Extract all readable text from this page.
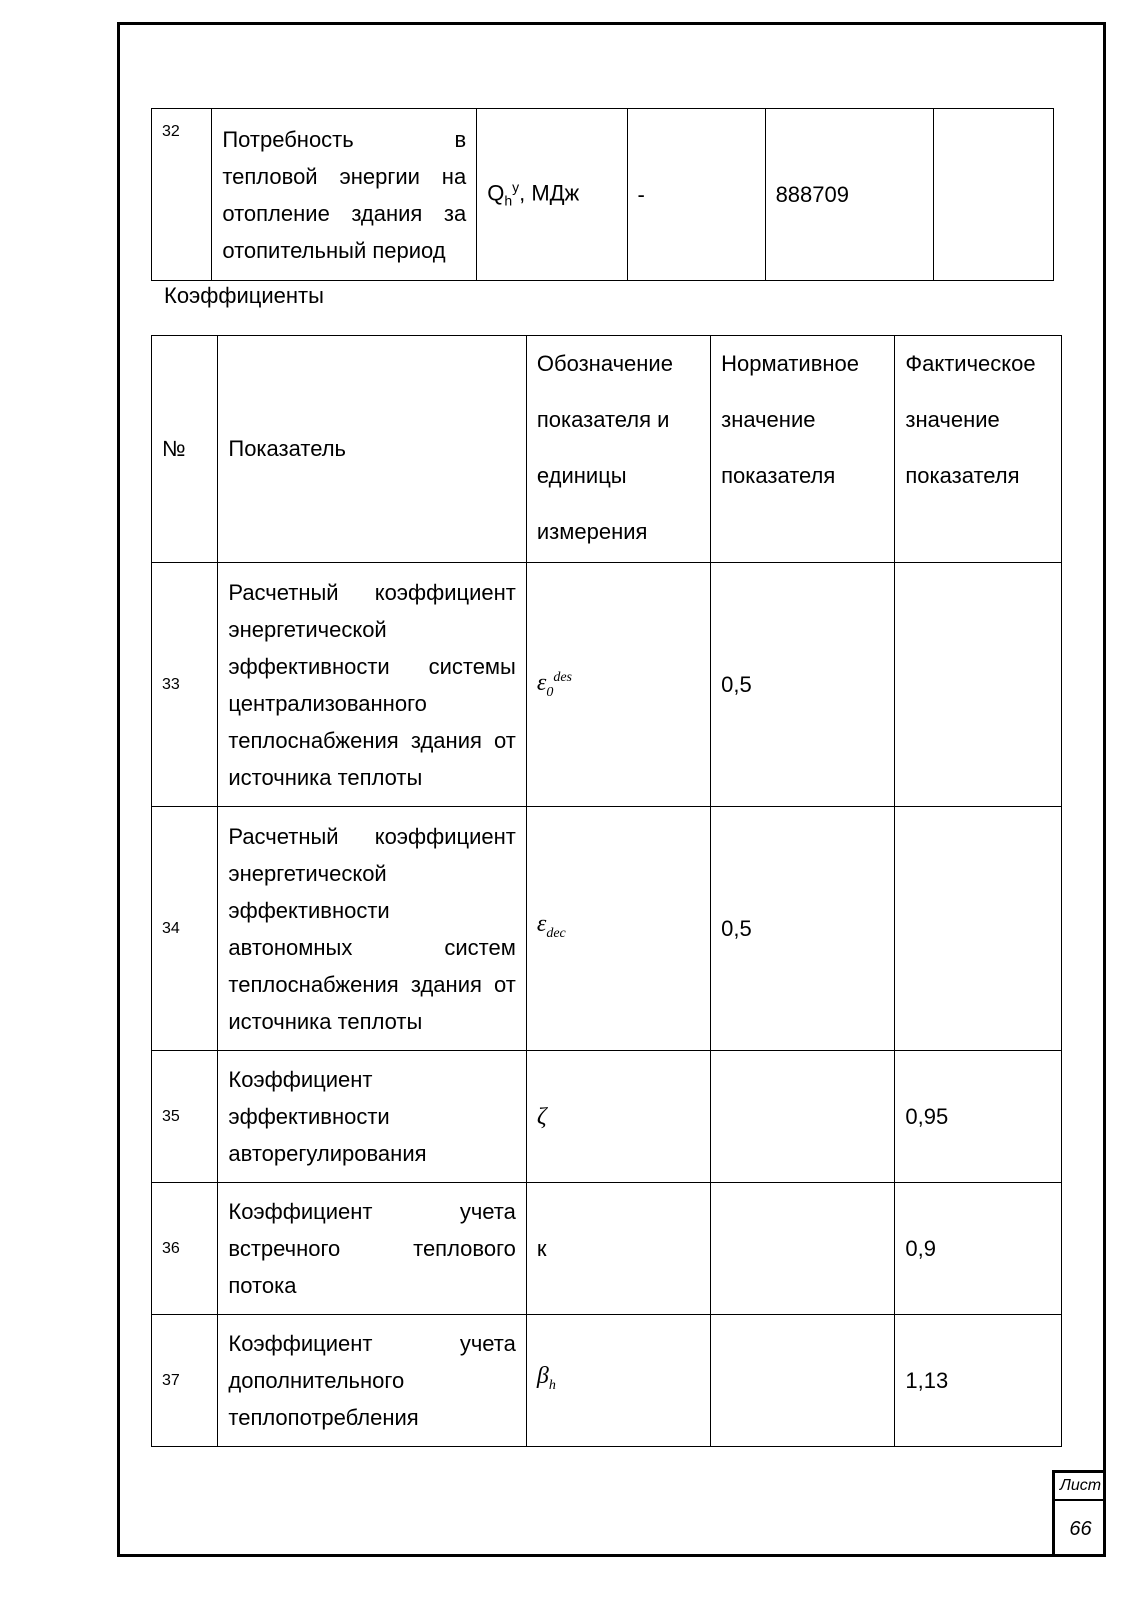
32	Потребность в тепловой энергии на отопление здания за отопительный период	$Q_h^y$, МДж	-	888709	
Коэффициенты
№	Показатель	Обозначение показателя и единицы измерения	Нормативное значение показателя	Фактическое значение показателя
33	Расчетный коэффициент энергетической эффективности системы централизованного теплоснабжения здания от источника теплоты	$\varepsilon_0^{des}$	0,5	
34	Расчетный коэффициент энергетической эффективности автономных систем теплоснабжения здания от источника теплоты	$\varepsilon_{dec}$	0,5	
35	Коэффициент эффективности авторегулирования	ζ		0,95
36	Коэффициент учета встречного теплового потока	к		0,9
37	Коэффициент учета дополнительного теплопотребления	$\beta_h$		1,13
Лист
66
